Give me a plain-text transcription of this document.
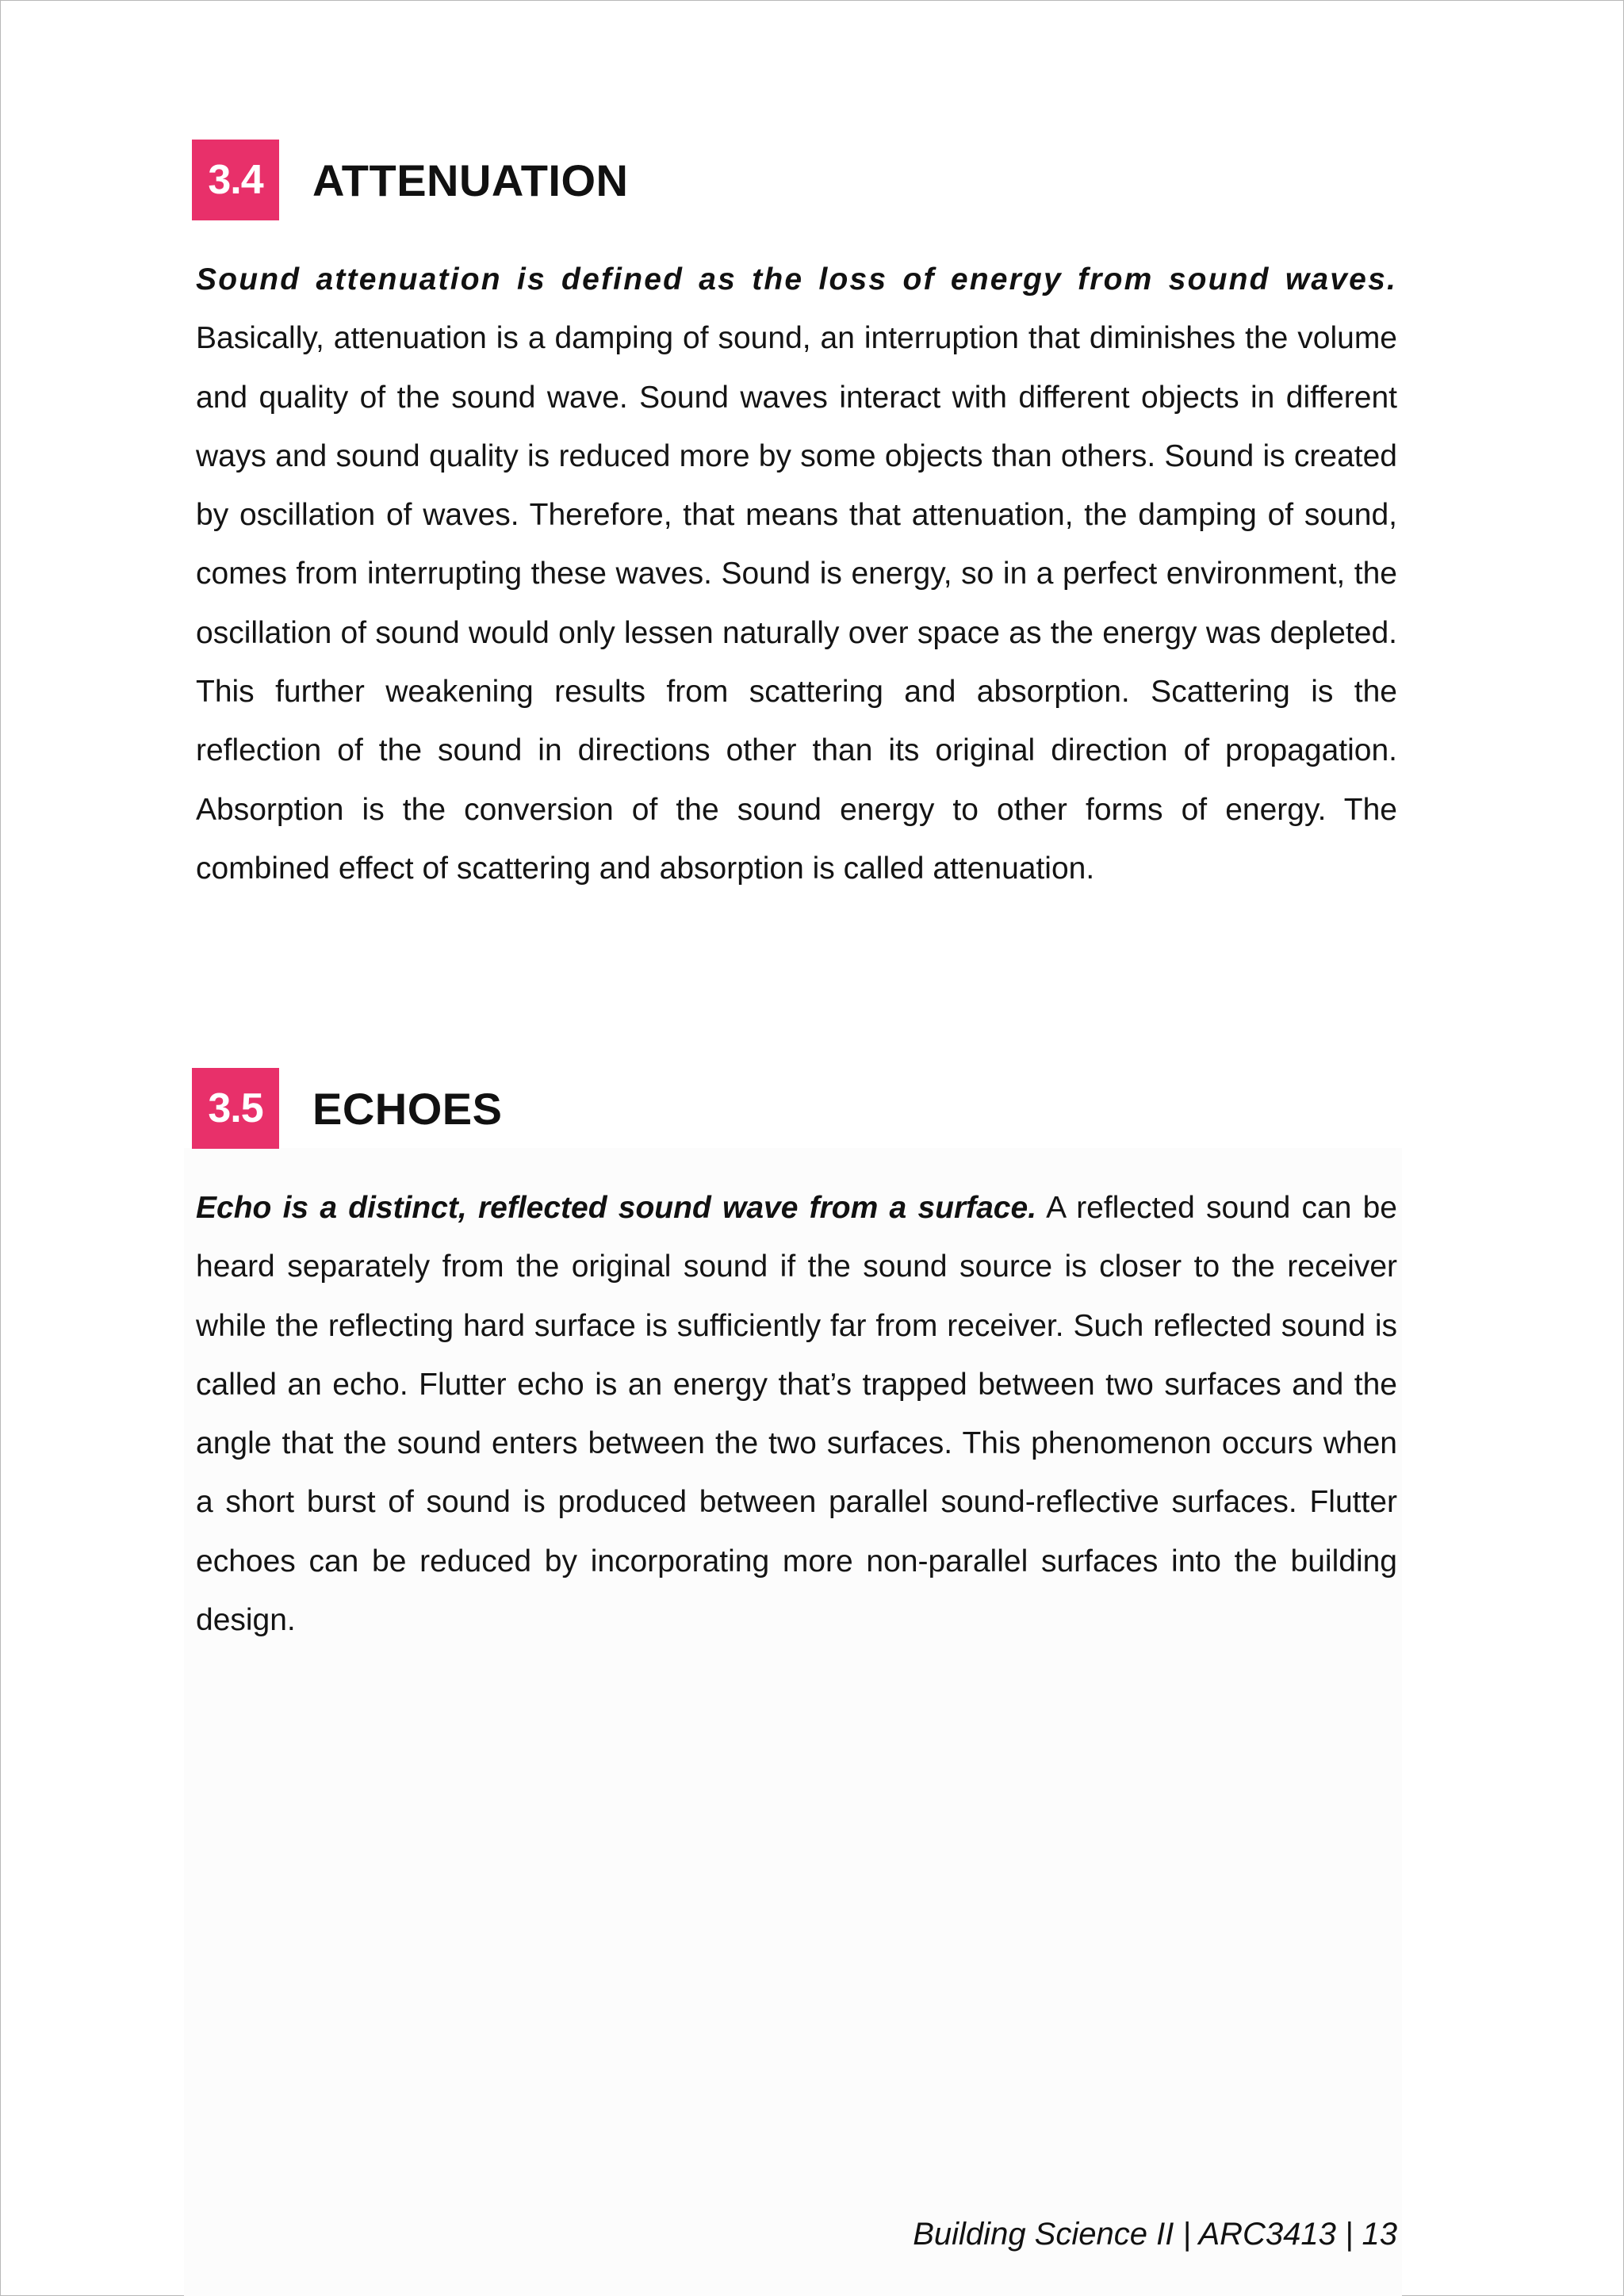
3.4	ATTENUATION

Sound attenuation is defined as the loss of energy from sound waves. Basically, attenuation is a damping of sound, an interruption that diminishes the volume and quality of the sound wave. Sound waves interact with different objects in different ways and sound quality is reduced more by some objects than others. Sound is created by oscillation of waves. Therefore, that means that attenuation, the damping of sound, comes from interrupting these waves. Sound is energy, so in a perfect environment, the oscillation of sound would only lessen naturally over space as the energy was depleted. This further weakening results from scattering and absorption. Scattering is the reflection of the sound in directions other than its original direction of propagation. Absorption is the conversion of the sound energy to other forms of energy. The combined effect of scattering and absorption is called attenuation.

3.5	ECHOES

Echo is a distinct, reflected sound wave from a surface. A reflected sound can be heard separately from the original sound if the sound source is closer to the receiver while the reflecting hard surface is sufficiently far from receiver. Such reflected sound is called an echo. Flutter echo is an energy that’s trapped between two surfaces and the angle that the sound enters between the two surfaces. This phenomenon occurs when a short burst of sound is produced between parallel sound-reflective surfaces. Flutter echoes can be reduced by incorporating more non-parallel surfaces into the building design.

Building Science II | ARC3413 | 13
